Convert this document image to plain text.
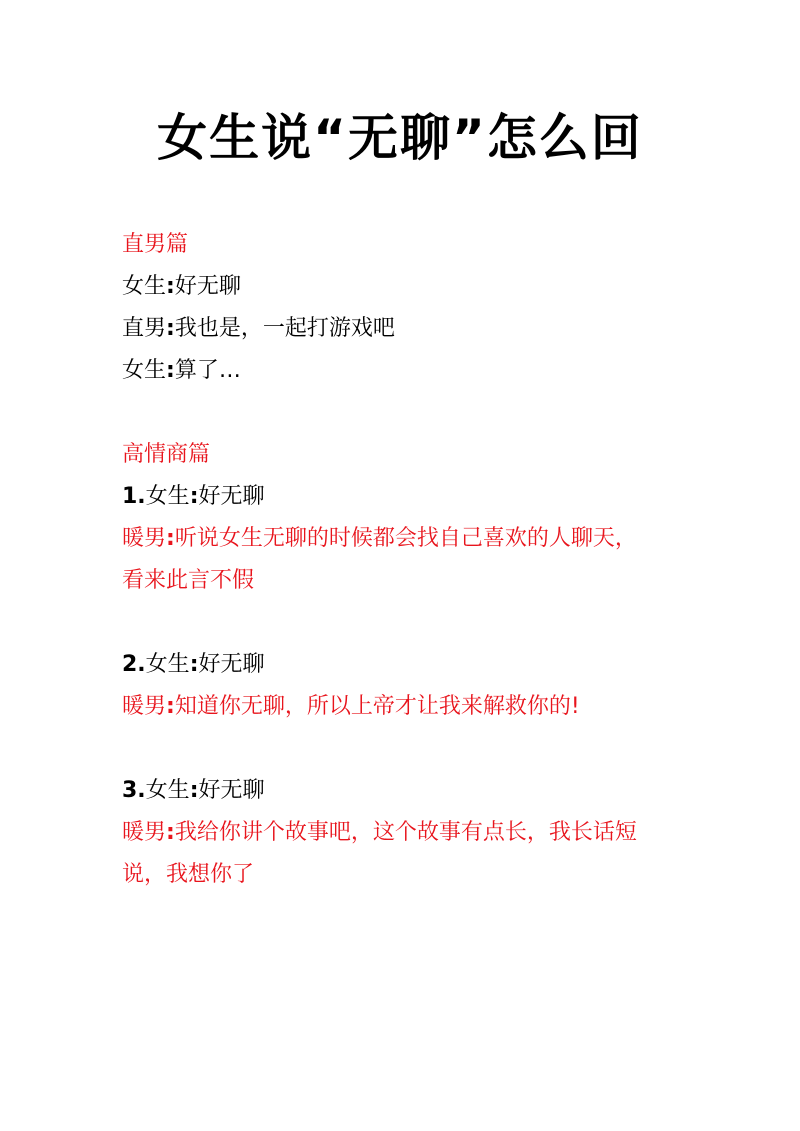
女生说“无聊”怎么回
直男篇
女生:好无聊
直男:我也是，一起打游戏吧
女生:算了…
高情商篇
1.女生:好无聊
暖男:听说女生无聊的时候都会找自己喜欢的人聊天，
看来此言不假
2.女生:好无聊
暖男:知道你无聊，所以上帝才让我来解救你的!
3.女生:好无聊
暖男:我给你讲个故事吧，这个故事有点长，我长话短
说，我想你了
